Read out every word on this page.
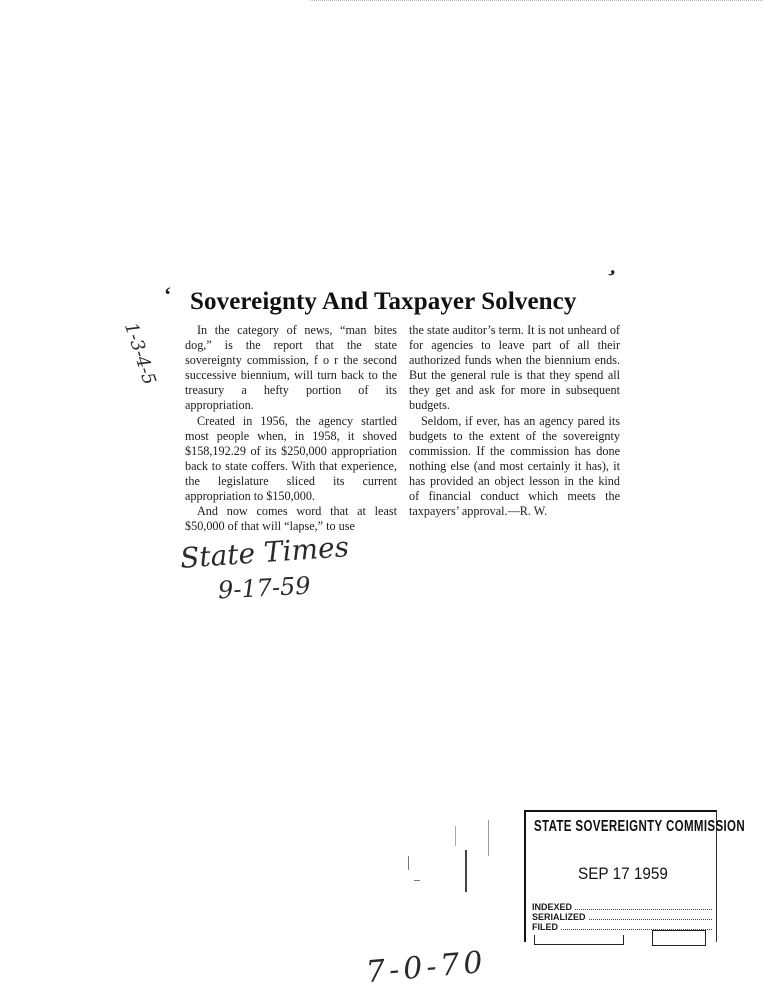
‘
’
Sovereignty And Taxpayer Solvency

In the category of news, “man bites dog,” is the report that the state sovereignty commission, f o r the second successive biennium, will turn back to the treasury a hefty portion of its appropriation.

Created in 1956, the agency startled most people when, in 1958, it shoved $158,192.29 of its $250,000 appropriation back to state coffers. With that experience, the legislature sliced its current appropriation to $150,000.

And now comes word that at least $50,000 of that will “lapse,” to use

the state auditor’s term. It is not unheard of for agencies to leave part of all their authorized funds when the biennium ends. But the general rule is that they spend all they get and ask for more in subsequent budgets.

Seldom, if ever, has an agency pared its budgets to the extent of the sovereignty commission. If the commission has done nothing else (and most certainly it has), it has provided an object lesson in the kind of financial conduct which meets the taxpayers’ approval.—R. W.

1-3-4-5
State Times
9-17-59
STATE SOVEREIGNTY COMMISSION
SEP 17 1959
INDEXED
SERIALIZED
FILED
7-0-70
